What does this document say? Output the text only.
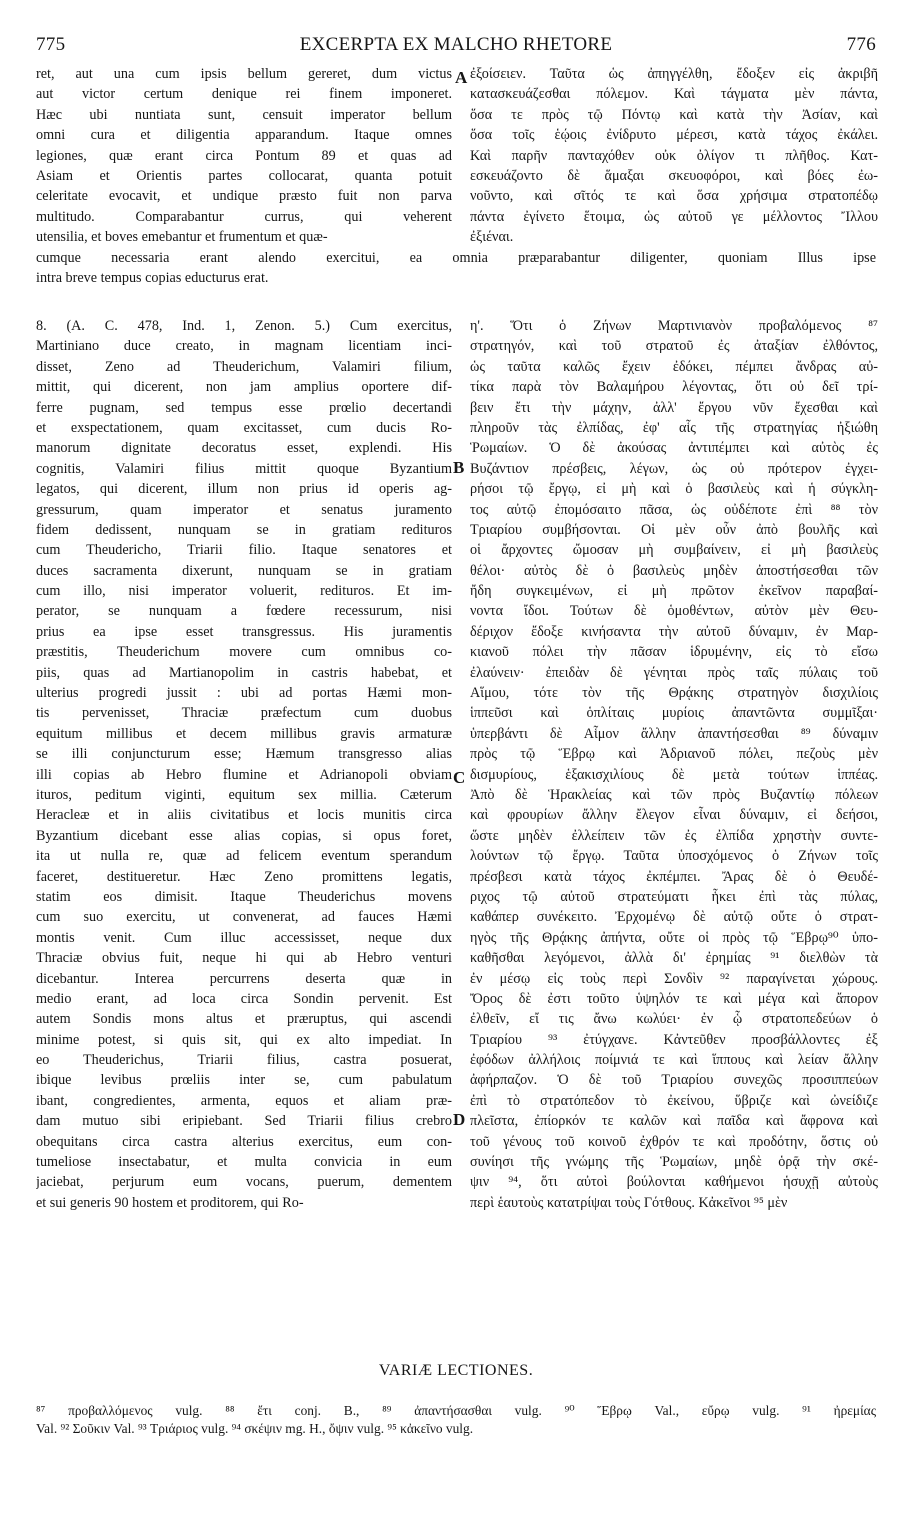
775	EXCERPTA EX MALCHO RHETORE	776
A
B
C
D
ret, aut una cum ipsis bellum gereret, dum victus
aut victor certum denique rei finem imponeret.
Hæc ubi nuntiata sunt, censuit imperator bellum
omni cura et diligentia apparandum. Itaque omnes
legiones, quæ erant circa Pontum 89 et quas ad
Asiam et Orientis partes collocarat, quanta potuit
celeritate evocavit, et undique præsto fuit non parva
multitudo. Comparabantur currus, qui veherent
utensilia, et boves emebantur et frumentum et quæ-
ἐξοίσειεν. Ταῦτα ὡς ἀπηγγέλθη, ἔδοξεν εἰς ἀκριβῆ
κατασκευάζεσθαι πόλεμον. Καὶ τάγματα μὲν πάντα,
ὅσα τε πρὸς τῷ Πόντῳ καὶ κατὰ τὴν Ἀσίαν, καὶ
ὅσα τοῖς ἑῴοις ἐνίδρυτο μέρεσι, κατὰ τάχος ἐκάλει.
Καὶ παρῆν πανταχόθεν οὐκ ὀλίγον τι πλῆθος. Κατ-
εσκευάζοντο δὲ ἅμαξαι σκευοφόροι, καὶ βόες ἐω-
νοῦντο, καὶ σῖτός τε καὶ ὅσα χρήσιμα στρατοπέδῳ
πάντα ἐγίνετο ἕτοιμα, ὡς αὐτοῦ γε μέλλοντος Ἴλλου
ἐξιέναι.
cumque necessaria erant alendo exercitui, ea omnia præparabantur diligenter, quoniam Illus ipse
intra breve tempus copias educturus erat.
8. (A. C. 478, Ind. 1, Zenon. 5.) Cum exercitus,
Martiniano duce creato, in magnam licentiam inci-
disset, Zeno ad Theuderichum, Valamiri filium,
mittit, qui dicerent, non jam amplius oportere dif-
ferre pugnam, sed tempus esse prœlio decertandi
et exspectationem, quam excitasset, cum ducis Ro-
manorum dignitate decoratus esset, explendi. His
cognitis, Valamiri filius mittit quoque Byzantium
legatos, qui dicerent, illum non prius id operis ag-
gressurum, quam imperator et senatus juramento
fidem dedissent, nunquam se in gratiam redituros
cum Theudericho, Triarii filio. Itaque senatores et
duces sacramenta dixerunt, nunquam se in gratiam
cum illo, nisi imperator voluerit, redituros. Et im-
perator, se nunquam a fœdere recessurum, nisi
prius ea ipse esset transgressus. His juramentis
præstitis, Theuderichum movere cum omnibus co-
piis, quas ad Martianopolim in castris habebat, et
ulterius progredi jussit : ubi ad portas Hæmi mon-
tis pervenisset, Thraciæ præfectum cum duobus
equitum millibus et decem millibus gravis armaturæ
se illi conjuncturum esse; Hæmum transgresso alias
illi copias ab Hebro flumine et Adrianopoli obviam
ituros, peditum viginti, equitum sex millia. Cæterum
Heracleæ et in aliis civitatibus et locis munitis circa
Byzantium dicebant esse alias copias, si opus foret,
ita ut nulla re, quæ ad felicem eventum sperandum
faceret, destitueretur. Hæc Zeno promittens legatis,
statim eos dimisit. Itaque Theuderichus movens
cum suo exercitu, ut convenerat, ad fauces Hæmi
montis venit. Cum illuc accessisset, neque dux
Thraciæ obvius fuit, neque hi qui ab Hebro venturi
dicebantur. Interea percurrens deserta quæ in
medio erant, ad loca circa Sondin pervenit. Est
autem Sondis mons altus et præruptus, qui ascendi
minime potest, si quis sit, qui ex alto impediat. In
eo Theuderichus, Triarii filius, castra posuerat,
ibique levibus prœliis inter se, cum pabulatum
ibant, congredientes, armenta, equos et aliam præ-
dam mutuo sibi eripiebant. Sed Triarii filius crebro
obequitans circa castra alterius exercitus, eum con-
tumeliose insectabatur, et multa convicia in eum
jaciebat, perjurum eum vocans, puerum, dementem
et sui generis 90 hostem et proditorem, qui Ro-
η'. Ὅτι ὁ Ζήνων Μαρτινιανὸν προβαλόμενος ⁸⁷
στρατηγόν, καὶ τοῦ στρατοῦ ἐς ἀταξίαν ἐλθόντος,
ὡς ταῦτα καλῶς ἔχειν ἐδόκει, πέμπει ἄνδρας αὐ-
τίκα παρὰ τὸν Βαλαμήρου λέγοντας, ὅτι οὐ δεῖ τρί-
βειν ἔτι τὴν μάχην, ἀλλ' ἔργου νῦν ἔχεσθαι καὶ
πληροῦν τὰς ἐλπίδας, ἐφ' αἷς τῆς στρατηγίας ἠξιώθη
Ῥωμαίων. Ὁ δὲ ἀκούσας ἀντιπέμπει καὶ αὐτὸς ἐς
Βυζάντιον πρέσβεις, λέγων, ὡς οὐ πρότερον ἐγχει-
ρήσοι τῷ ἔργῳ, εἰ μὴ καὶ ὁ βασιλεὺς καὶ ἡ σύγκλη-
τος αὐτῷ ἐπομόσαιτο πᾶσα, ὡς οὐδέποτε ἐπὶ ⁸⁸ τὸν
Τριαρίου συμβήσονται. Οἱ μὲν οὖν ἀπὸ βουλῆς καὶ
οἱ ἄρχοντες ὤμοσαν μὴ συμβαίνειν, εἰ μὴ βασιλεὺς
θέλοι· αὐτὸς δὲ ὁ βασιλεὺς μηδὲν ἀποστήσεσθαι τῶν
ἤδη συγκειμένων, εἰ μὴ πρῶτον ἐκεῖνον παραβαί-
νοντα ἴδοι. Τούτων δὲ ὁμοθέντων, αὐτὸν μὲν Θευ-
δέριχον ἔδοξε κινήσαντα τὴν αὐτοῦ δύναμιν, ἐν Μαρ-
κιανοῦ πόλει τὴν πᾶσαν ἱδρυμένην, εἰς τὸ εἴσω
ἐλαύνειν· ἐπειδὰν δὲ γένηται πρὸς ταῖς πύλαις τοῦ
Αἵμου, τότε τὸν τῆς Θρᾴκης στρατηγὸν δισχιλίοις
ἱππεῦσι καὶ ὁπλίταις μυρίοις ἀπαντῶντα συμμῖξαι·
ὑπερβάντι δὲ Αἷμον ἄλλην ἀπαντήσεσθαι ⁸⁹ δύναμιν
πρὸς τῷ Ἕβρῳ καὶ Ἀδριανοῦ πόλει, πεζοὺς μὲν
δισμυρίους, ἑξακισχιλίους δὲ μετὰ τούτων ἱππέας.
Ἀπὸ δὲ Ἡρακλείας καὶ τῶν πρὸς Βυζαντίῳ πόλεων
καὶ φρουρίων ἄλλην ἔλεγον εἶναι δύναμιν, εἰ δεήσοι,
ὥστε μηδὲν ἐλλείπειν τῶν ἐς ἐλπίδα χρηστὴν συντε-
λούντων τῷ ἔργῳ. Ταῦτα ὑποσχόμενος ὁ Ζήνων τοῖς
πρέσβεσι κατὰ τάχος ἐκπέμπει. Ἄρας δὲ ὁ Θευδέ-
ριχος τῷ αὐτοῦ στρατεύματι ἧκει ἐπὶ τὰς πύλας,
καθάπερ συνέκειτο. Ἐρχομένῳ δὲ αὐτῷ οὔτε ὁ στρατ-
ηγὸς τῆς Θρᾴκης ἀπήντα, οὔτε οἱ πρὸς τῷ Ἕβρῳ⁹⁰ ὑπο-
καθῆσθαι λεγόμενοι, ἀλλὰ δι' ἐρημίας ⁹¹ διελθὼν τὰ
ἐν μέσῳ εἰς τοὺς περὶ Σονδὶν ⁹² παραγίνεται χώρους.
Ὄρος δὲ ἐστι τοῦτο ὑψηλόν τε καὶ μέγα καὶ ἄπορον
ἐλθεῖν, εἴ τις ἄνω κωλύει· ἐν ᾧ στρατοπεδεύων ὁ
Τριαρίου ⁹³ ἐτύγχανε. Κἀντεῦθεν προσβάλλοντες ἐξ
ἐφόδων ἀλλήλοις ποίμνιά τε καὶ ἵππους καὶ λείαν ἄλλην
ἀφήρπαζον. Ὁ δὲ τοῦ Τριαρίου συνεχῶς προσιππεύων
ἐπὶ τὸ στρατόπεδον τὸ ἐκείνου, ὕβριζε καὶ ὠνείδιζε
πλεῖστα, ἐπίορκόν τε καλῶν καὶ παῖδα καὶ ἄφρονα καὶ
τοῦ γένους τοῦ κοινοῦ ἐχθρόν τε καὶ προδότην, ὅστις οὐ
συνίησι τῆς γνώμης τῆς Ῥωμαίων, μηδὲ ὁρᾷ τὴν σκέ-
ψιν ⁹⁴, ὅτι αὐτοὶ βούλονται καθήμενοι ἡσυχῇ αὐτοὺς
περὶ ἑαυτοὺς κατατρίψαι τοὺς Γότθους. Κἀκεῖνοι ⁹⁵ μὲν
VARIÆ LECTIONES.
⁸⁷ προβαλλόμενος vulg. ⁸⁸ ἔτι conj. B., ⁸⁹ ἀπαντήσασθαι vulg. ⁹⁰ Ἕβρῳ Val., εὔρῳ vulg. ⁹¹ ἠρεμίας
Val. ⁹² Σοῦκιν Val. ⁹³ Τριάριος vulg. ⁹⁴ σκέψιν mg. H., ὄψιν vulg. ⁹⁵ κἀκεῖνο vulg.
